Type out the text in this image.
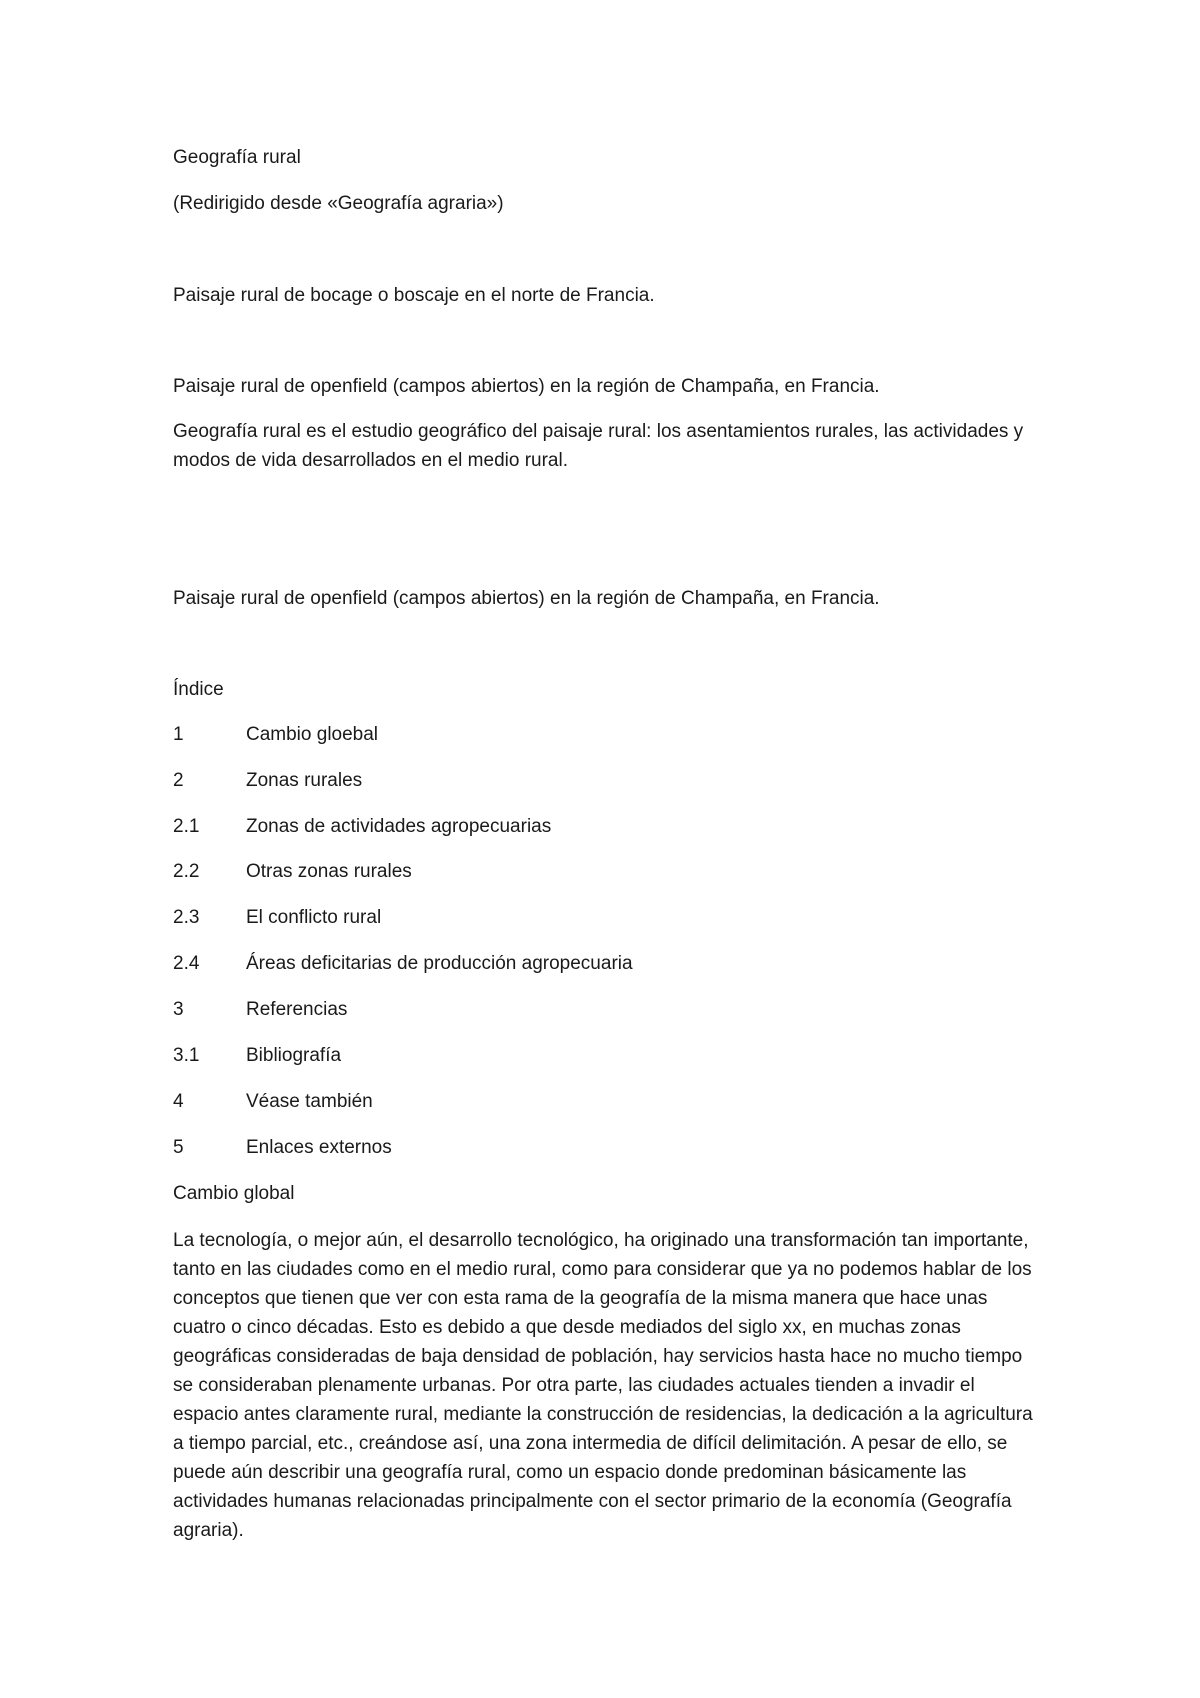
Geografía rural

(Redirigido desde «Geografía agraria»)

Paisaje rural de bocage o boscaje en el norte de Francia.

Paisaje rural de openfield (campos abiertos) en la región de Champaña, en Francia.

Geografía rural es el estudio geográfico del paisaje rural: los asentamientos rurales, las actividades y modos de vida desarrollados en el medio rural.

Paisaje rural de openfield (campos abiertos) en la región de Champaña, en Francia.

Índice

1	Cambio gloebal
2	Zonas rurales
2.1 Zonas de actividades agropecuarias
2.2 Otras zonas rurales
2.3 El conflicto rural
2.4 Áreas deficitarias de producción agropecuaria
3	Referencias
3.1 Bibliografía
4	Véase también
5	Enlaces externos

Cambio global

La tecnología, o mejor aún, el desarrollo tecnológico, ha originado una transformación tan importante, tanto en las ciudades como en el medio rural, como para considerar que ya no podemos hablar de los conceptos que tienen que ver con esta rama de la geografía de la misma manera que hace unas cuatro o cinco décadas. Esto es debido a que desde mediados del siglo xx, en muchas zonas geográficas consideradas de baja densidad de población, hay servicios hasta hace no mucho tiempo se consideraban plenamente urbanas. Por otra parte, las ciudades actuales tienden a invadir el espacio antes claramente rural, mediante la construcción de residencias, la dedicación a la agricultura a tiempo parcial, etc., creándose así, una zona intermedia de difícil delimitación. A pesar de ello, se puede aún describir una geografía rural, como un espacio donde predominan básicamente las actividades humanas relacionadas principalmente con el sector primario de la economía (Geografía agraria).
